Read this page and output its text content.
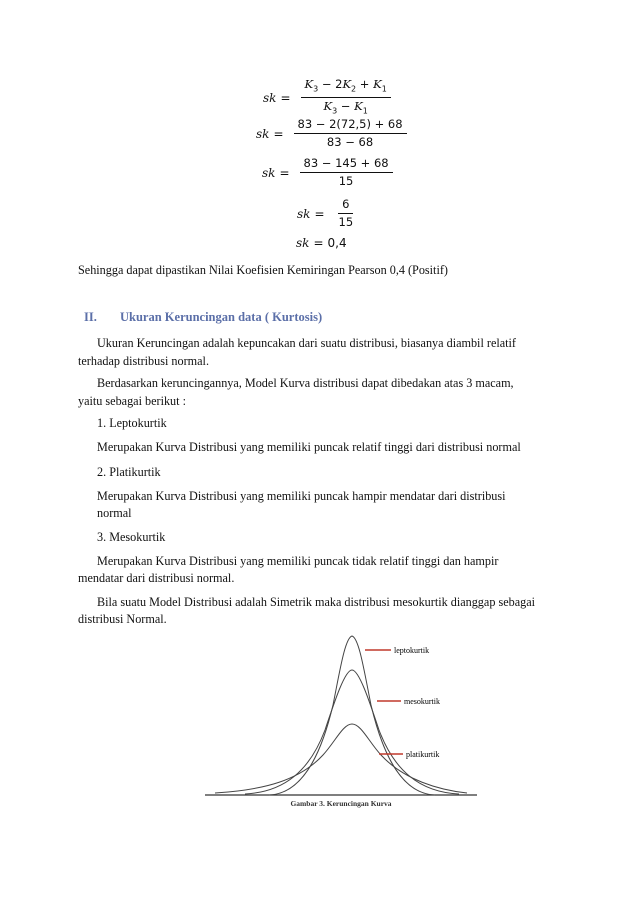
sk = $\frac{K_3 - 2K_2 + K_1}{K_3 - K_1}$
sk = $\frac{83 - 2(72,5) + 68}{83 - 68}$
sk = $\frac{83 - 145 + 68}{15}$
sk = $\frac{6}{15}$
sk = 0,4
Sehingga dapat dipastikan Nilai Koefisien Kemiringan Pearson 0,4 (Positif)
II. Ukuran Keruncingan data ( Kurtosis)
Ukuran Keruncingan adalah kepuncakan dari suatu distribusi, biasanya diambil relatif
terhadap distribusi normal.
Berdasarkan keruncingannya, Model Kurva distribusi dapat dibedakan atas 3 macam,
yaitu sebagai berikut :
1. Leptokurtik
Merupakan Kurva Distribusi yang memiliki puncak relatif tinggi dari distribusi normal
2. Platikurtik
Merupakan Kurva Distribusi yang memiliki puncak hampir mendatar dari distribusi
normal
3. Mesokurtik
Merupakan Kurva Distribusi yang memiliki puncak tidak relatif tinggi dan hampir
mendatar dari distribusi normal.
Bila suatu Model Distribusi adalah Simetrik maka distribusi mesokurtik dianggap sebagai
distribusi Normal.
leptokurtik
mesokurtik
platikurtik
Gambar 3. Keruncingan Kurva
